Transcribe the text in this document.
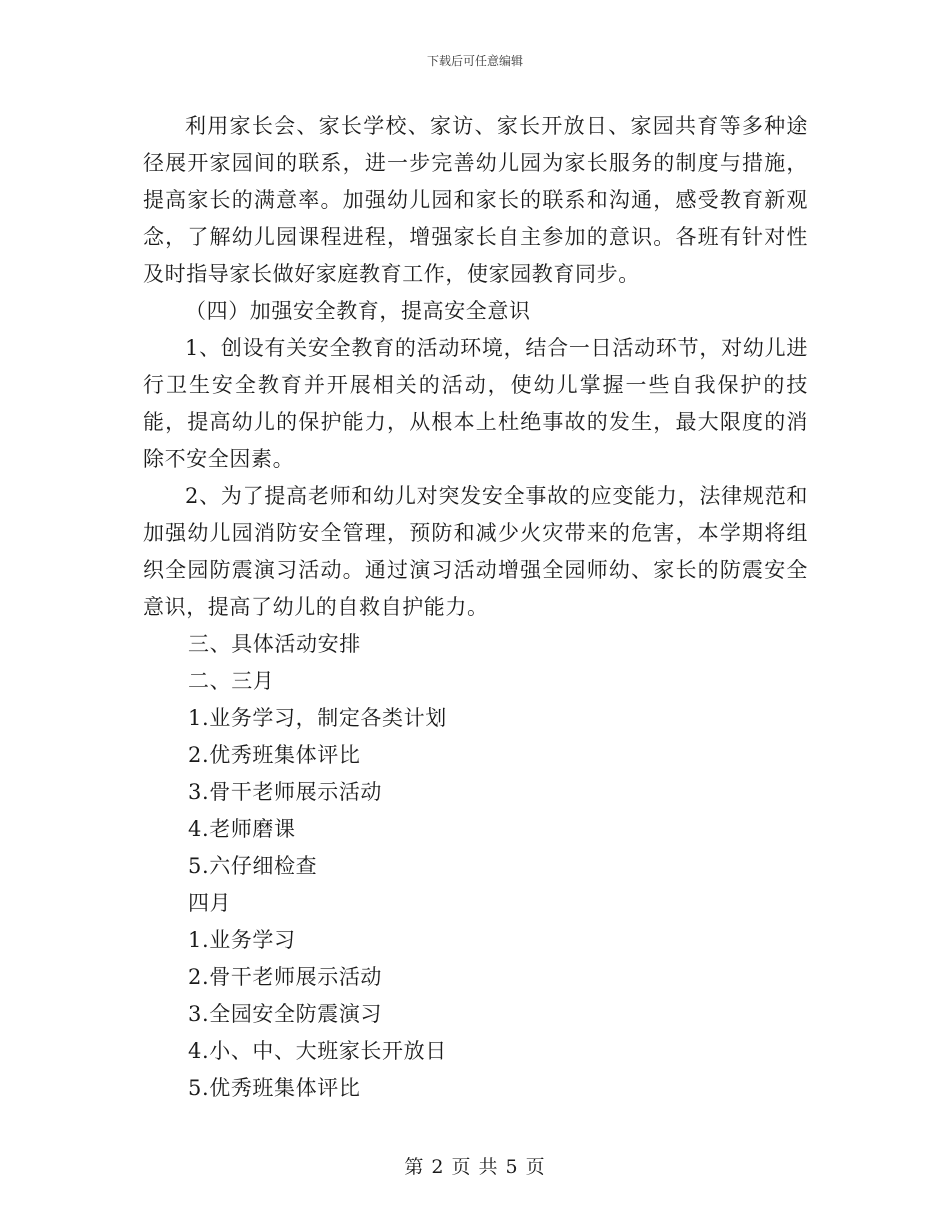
下载后可任意编辑

利用家长会、家长学校、家访、家长开放日、家园共育等多种途径展开家园间的联系，进一步完善幼儿园为家长服务的制度与措施，提高家长的满意率。加强幼儿园和家长的联系和沟通，感受教育新观念，了解幼儿园课程进程，增强家长自主参加的意识。各班有针对性及时指导家长做好家庭教育工作，使家园教育同步。

（四）加强安全教育，提高安全意识

1、创设有关安全教育的活动环境，结合一日活动环节，对幼儿进行卫生安全教育并开展相关的活动，使幼儿掌握一些自我保护的技能，提高幼儿的保护能力，从根本上杜绝事故的发生，最大限度的消除不安全因素。

2、为了提高老师和幼儿对突发安全事故的应变能力，法律规范和加强幼儿园消防安全管理，预防和减少火灾带来的危害，本学期将组织全园防震演习活动。通过演习活动增强全园师幼、家长的防震安全意识，提高了幼儿的自救自护能力。

三、具体活动安排

二、三月

1.业务学习，制定各类计划

2.优秀班集体评比

3.骨干老师展示活动

4.老师磨课

5.六仔细检查

四月

1.业务学习

2.骨干老师展示活动

3.全园安全防震演习

4.小、中、大班家长开放日

5.优秀班集体评比

第 2 页 共 5 页
